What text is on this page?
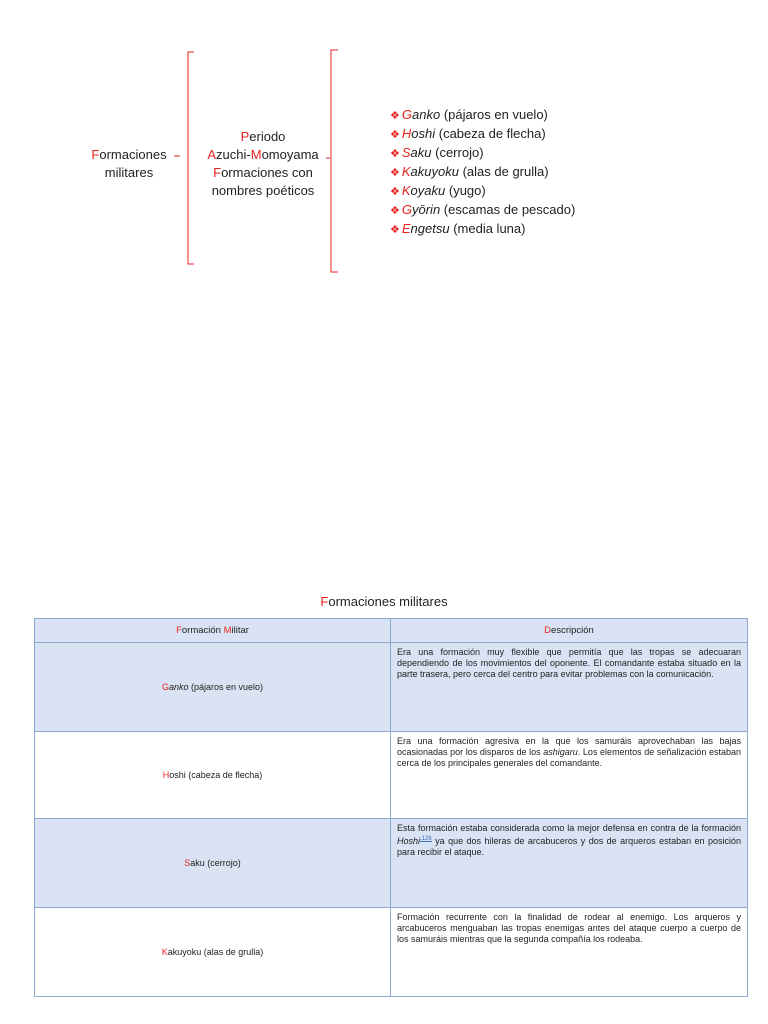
Formaciones
militares
Periodo
Azuchi-Momoyama
Formaciones con
nombres poéticos
❖ Ganko (pájaros en vuelo)
❖ Hoshi (cabeza de flecha)
❖ Saku (cerrojo)
❖ Kakuyoku (alas de grulla)
❖ Koyaku (yugo)
❖ Gyōrin (escamas de pescado)
❖ Engetsu (media luna)
Formaciones militares
Formación Militar	Descripción
Ganko (pájaros en vuelo)	Era una formación muy flexible que permitía que las tropas se adecuaran dependiendo de los movimientos del oponente. El comandante estaba situado en la parte trasera, pero cerca del centro para evitar problemas con la comunicación.
Hoshi (cabeza de flecha)	Era una formación agresiva en la que los samuráis aprovechaban las bajas ocasionadas por los disparos de los ashigaru. Los elementos de señalización estaban cerca de los principales generales del comandante.
Saku (cerrojo)	Esta formación estaba considerada como la mejor defensa en contra de la formación Hoshi$^{,126}$ ya que dos hileras de arcabuceros y dos de arqueros estaban en posición para recibir el ataque.
Kakuyoku (alas de grulla)	Formación recurrente con la finalidad de rodear al enemigo. Los arqueros y arcabuceros menguaban las tropas enemigas antes del ataque cuerpo a cuerpo de los samuráis mientras que la segunda compañía los rodeaba.
